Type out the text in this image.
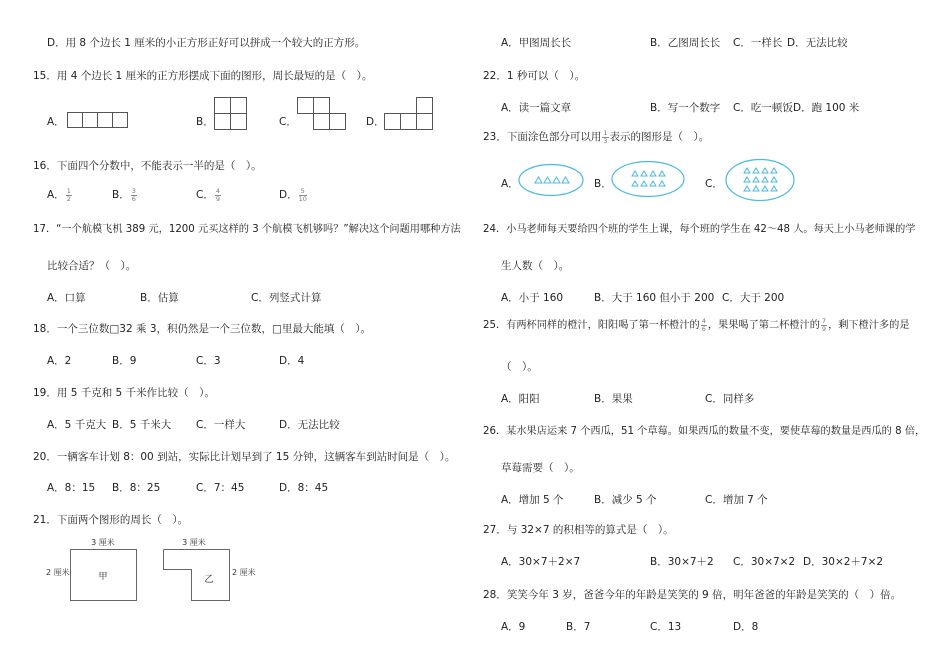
D．用 8 个边长 1 厘米的小正方形正好可以拼成一个较大的正方形。
15．用 4 个边长 1 厘米的正方形摆成下面的图形，周长最短的是（　）。
A．	B．	C．	D．
16．下面四个分数中，不能表示一半的是（　）。
A． $\frac{1}{2}$	B． $\frac{3}{6}$	C． $\frac{4}{9}$	D． $\frac{5}{10}$
17．“一个航模飞机 389 元，1200 元买这样的 3 个航模飞机够吗？”解决这个问题用哪种方法
比较合适？（　）。
A．口算	B．估算	C．列竖式计算
18．一个三位数□32 乘 3，积仍然是一个三位数，□里最大能填（　）。
A．2	B．9	C．3	D．4
19．用 5 千克和 5 千米作比较（　）。
A．5 千克大 B．5 千米大 C．一样大	D．无法比较
20．一辆客车计划 8：00 到站，实际比计划早到了 15 分钟，这辆客车到站时间是（　）。
A．8：15 B．8：25	C．7：45	D．8：45
21．下面两个图形的周长（　）。
3 厘米
2 厘米	甲
3 厘米
2 厘米
乙
A．甲图周长长	B．乙图周长长 C．一样长 D．无法比较
22．1 秒可以（　）。
A．读一篇文章	B．写一个数字 C．吃一顿饭 D．跑 100 米
23．下面涂色部分可以用 $\frac{1}{3}$ 表示的图形是（　）。
A．	B．	C．
24．小马老师每天要给四个班的学生上课，每个班的学生在 42～48 人。每天上小马老师课的学
生人数（　）。
A．小于 160	B．大于 160 但小于 200 C．大于 200
25．有两杯同样的橙汁，阳阳喝了第一杯橙汁的 $\frac{4}{6}$ ，果果喝了第二杯橙汁的 $\frac{7}{9}$ ，剩下橙汁多的是
（　）。
A．阳阳	B．果果	C．同样多
26．某水果店运来 7 个西瓜，51 个草莓。如果西瓜的数量不变，要使草莓的数量是西瓜的 8 倍，
草莓需要（　）。
A．增加 5 个	B．减少 5 个	C．增加 7 个
27．与 32×7 的积相等的算式是（　）。
A．30×7＋2×7	B．30×7＋2 C．30×7×2 D．30×2＋7×2
28．笑笑今年 3 岁，爸爸今年的年龄是笑笑的 9 倍，明年爸爸的年龄是笑笑的（　）倍。
A．9	B．7	C．13	D．8
